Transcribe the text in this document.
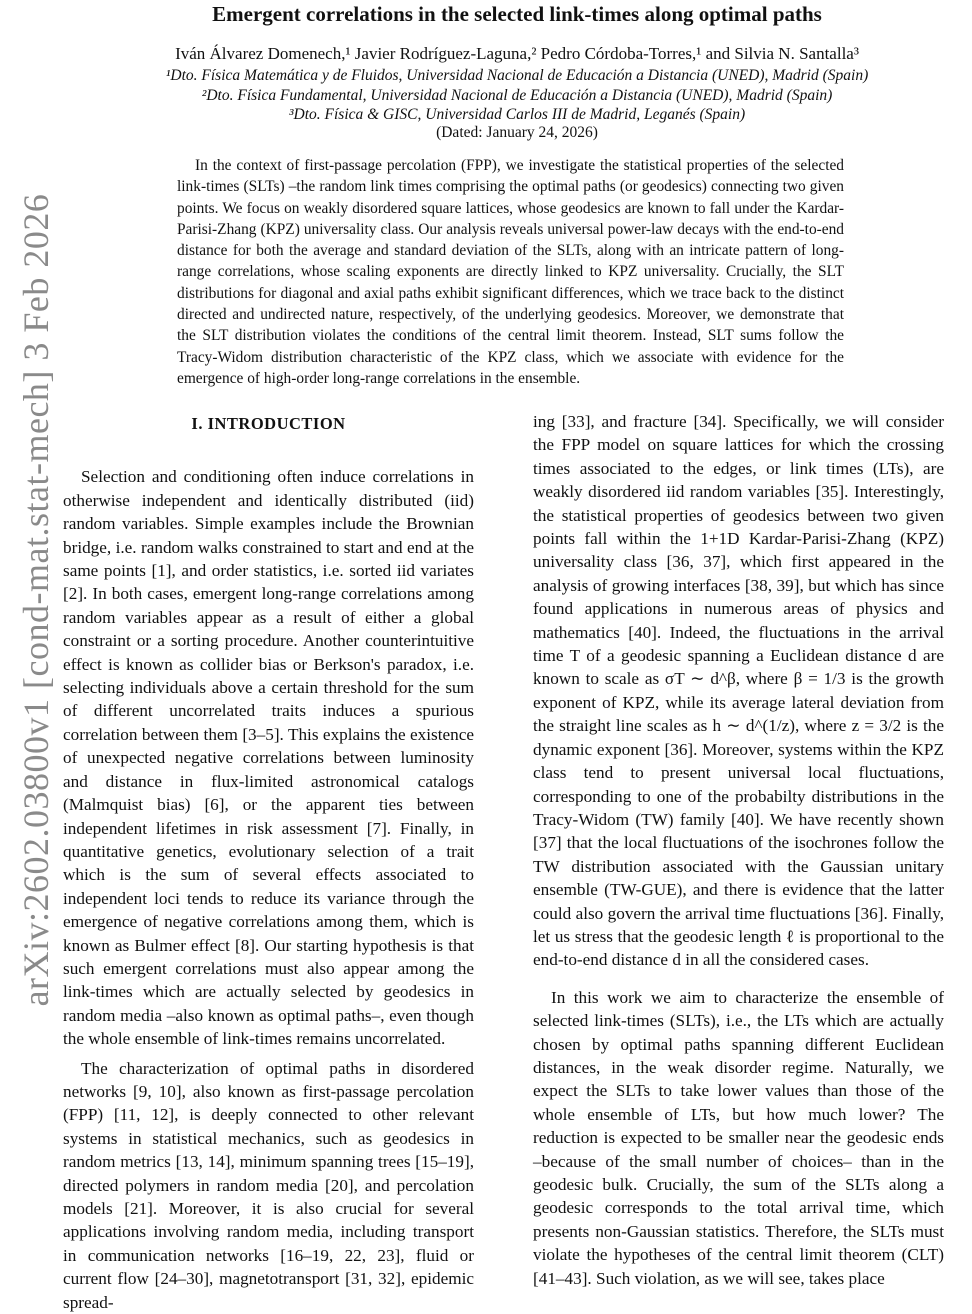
arXiv:2602.03800v1 [cond-mat.stat-mech] 3 Feb 2026
Emergent correlations in the selected link-times along optimal paths
Iván Álvarez Domenech,¹ Javier Rodríguez-Laguna,² Pedro Córdoba-Torres,¹ and Silvia N. Santalla³
¹Dto. Física Matemática y de Fluidos, Universidad Nacional de Educación a Distancia (UNED), Madrid (Spain)
²Dto. Física Fundamental, Universidad Nacional de Educación a Distancia (UNED), Madrid (Spain)
³Dto. Física & GISC, Universidad Carlos III de Madrid, Leganés (Spain)
(Dated: January 24, 2026)

In the context of first-passage percolation (FPP), we investigate the statistical properties of the selected link-times (SLTs) –the random link times comprising the optimal paths (or geodesics) connecting two given points. We focus on weakly disordered square lattices, whose geodesics are known to fall under the Kardar-Parisi-Zhang (KPZ) universality class. Our analysis reveals universal power-law decays with the end-to-end distance for both the average and standard deviation of the SLTs, along with an intricate pattern of long-range correlations, whose scaling exponents are directly linked to KPZ universality. Crucially, the SLT distributions for diagonal and axial paths exhibit significant differences, which we trace back to the distinct directed and undirected nature, respectively, of the underlying geodesics. Moreover, we demonstrate that the SLT distribution violates the conditions of the central limit theorem. Instead, SLT sums follow the Tracy-Widom distribution characteristic of the KPZ class, which we associate with evidence for the emergence of high-order long-range correlations in the ensemble.

I. INTRODUCTION

Selection and conditioning often induce correlations in otherwise independent and identically distributed (iid) random variables. Simple examples include the Brownian bridge, i.e. random walks constrained to start and end at the same points [1], and order statistics, i.e. sorted iid variates [2]. In both cases, emergent long-range correlations among random variables appear as a result of either a global constraint or a sorting procedure. Another counterintuitive effect is known as collider bias or Berkson's paradox, i.e. selecting individuals above a certain threshold for the sum of different uncorrelated traits induces a spurious correlation between them [3–5]. This explains the existence of unexpected negative correlations between luminosity and distance in flux-limited astronomical catalogs (Malmquist bias) [6], or the apparent ties between independent lifetimes in risk assessment [7]. Finally, in quantitative genetics, evolutionary selection of a trait which is the sum of several effects associated to independent loci tends to reduce its variance through the emergence of negative correlations among them, which is known as Bulmer effect [8]. Our starting hypothesis is that such emergent correlations must also appear among the link-times which are actually selected by geodesics in random media –also known as optimal paths–, even though the whole ensemble of link-times remains uncorrelated.

The characterization of optimal paths in disordered networks [9, 10], also known as first-passage percolation (FPP) [11, 12], is deeply connected to other relevant systems in statistical mechanics, such as geodesics in random metrics [13, 14], minimum spanning trees [15–19], directed polymers in random media [20], and percolation models [21]. Moreover, it is also crucial for several applications involving random media, including transport in communication networks [16–19, 22, 23], fluid or current flow [24–30], magnetotransport [31, 32], epidemic spread-

ing [33], and fracture [34]. Specifically, we will consider the FPP model on square lattices for which the crossing times associated to the edges, or link times (LTs), are weakly disordered iid random variables [35]. Interestingly, the statistical properties of geodesics between two given points fall within the 1+1D Kardar-Parisi-Zhang (KPZ) universality class [36, 37], which first appeared in the analysis of growing interfaces [38, 39], but which has since found applications in numerous areas of physics and mathematics [40]. Indeed, the fluctuations in the arrival time T of a geodesic spanning a Euclidean distance d are known to scale as σT ∼ d^β, where β = 1/3 is the growth exponent of KPZ, while its average lateral deviation from the straight line scales as h ∼ d^(1/z), where z = 3/2 is the dynamic exponent [36]. Moreover, systems within the KPZ class tend to present universal local fluctuations, corresponding to one of the probabilty distributions in the Tracy-Widom (TW) family [40]. We have recently shown [37] that the local fluctuations of the isochrones follow the TW distribution associated with the Gaussian unitary ensemble (TW-GUE), and there is evidence that the latter could also govern the arrival time fluctuations [36]. Finally, let us stress that the geodesic length ℓ is proportional to the end-to-end distance d in all the considered cases.

In this work we aim to characterize the ensemble of selected link-times (SLTs), i.e., the LTs which are actually chosen by optimal paths spanning different Euclidean distances, in the weak disorder regime. Naturally, we expect the SLTs to take lower values than those of the whole ensemble of LTs, but how much lower? The reduction is expected to be smaller near the geodesic ends –because of the small number of choices– than in the geodesic bulk. Crucially, the sum of the SLTs along a geodesic corresponds to the total arrival time, which presents non-Gaussian statistics. Therefore, the SLTs must violate the hypotheses of the central limit theorem (CLT) [41–43]. Such violation, as we will see, takes place
